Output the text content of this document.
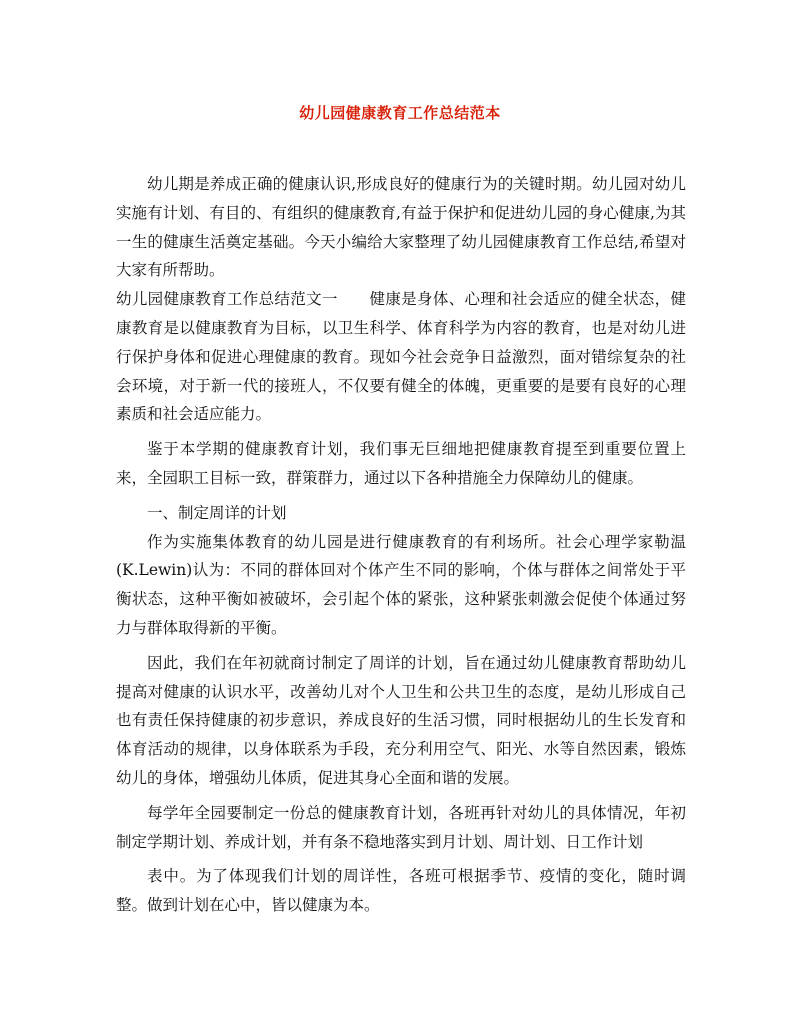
幼儿园健康教育工作总结范本

幼儿期是养成正确的健康认识,形成良好的健康行为的关键时期。幼儿园对幼儿实施有计划、有目的、有组织的健康教育,有益于保护和促进幼儿园的身心健康,为其一生的健康生活奠定基础。今天小编给大家整理了幼儿园健康教育工作总结,希望对大家有所帮助。

幼儿园健康教育工作总结范文一　　健康是身体、心理和社会适应的健全状态，健康教育是以健康教育为目标，以卫生科学、体育科学为内容的教育，也是对幼儿进行保护身体和促进心理健康的教育。现如今社会竞争日益激烈，面对错综复杂的社会环境，对于新一代的接班人，不仅要有健全的体魄，更重要的是要有良好的心理素质和社会适应能力。

鉴于本学期的健康教育计划，我们事无巨细地把健康教育提至到重要位置上来，全园职工目标一致，群策群力，通过以下各种措施全力保障幼儿的健康。

一、制定周详的计划

作为实施集体教育的幼儿园是进行健康教育的有利场所。社会心理学家勒温(K.Lewin)认为：不同的群体回对个体产生不同的影响，个体与群体之间常处于平衡状态，这种平衡如被破坏，会引起个体的紧张，这种紧张刺激会促使个体通过努力与群体取得新的平衡。

因此，我们在年初就商讨制定了周详的计划，旨在通过幼儿健康教育帮助幼儿提高对健康的认识水平，改善幼儿对个人卫生和公共卫生的态度，是幼儿形成自己也有责任保持健康的初步意识，养成良好的生活习惯，同时根据幼儿的生长发育和体育活动的规律，以身体联系为手段，充分利用空气、阳光、水等自然因素，锻炼幼儿的身体，增强幼儿体质，促进其身心全面和谐的发展。

每学年全园要制定一份总的健康教育计划，各班再针对幼儿的具体情况，年初制定学期计划、养成计划，并有条不稳地落实到月计划、周计划、日工作计划

表中。为了体现我们计划的周详性，各班可根据季节、疫情的变化，随时调整。做到计划在心中，皆以健康为本。
